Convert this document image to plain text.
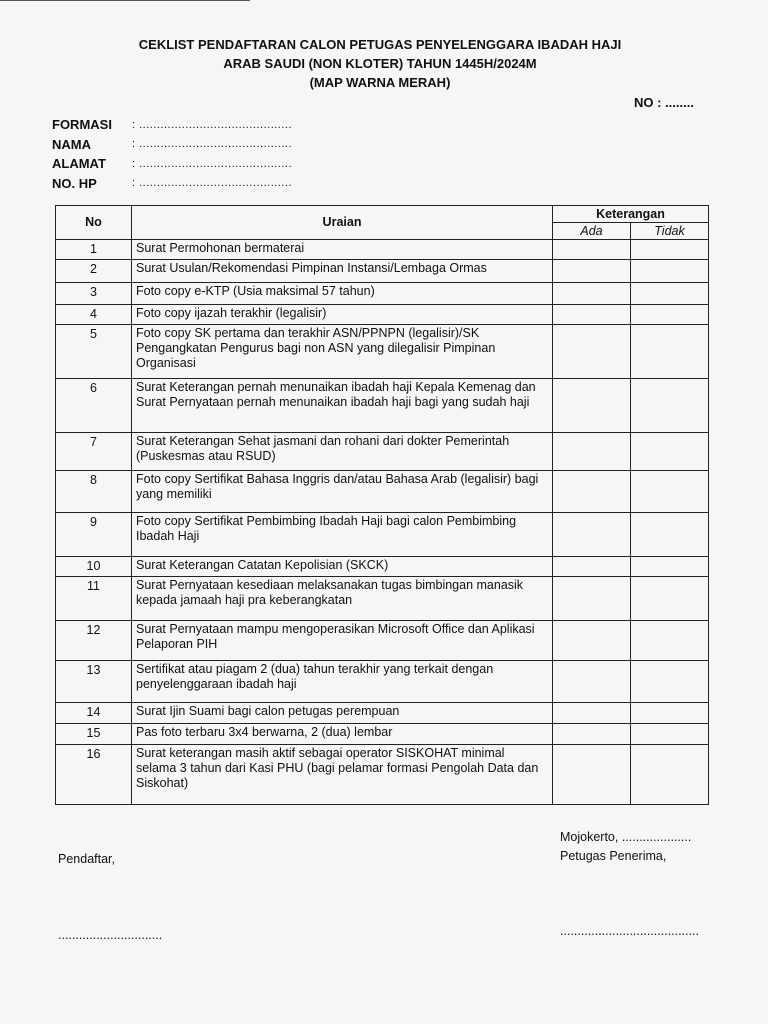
CEKLIST PENDAFTARAN CALON PETUGAS PENYELENGGARA IBADAH HAJI
ARAB SAUDI (NON KLOTER) TAHUN 1445H/2024M
(MAP WARNA MERAH)
NO : ........
FORMASI	: ...........................................
NAMA	: ...........................................
ALAMAT	: ...........................................
NO. HP	: ...........................................
No	Uraian	Keterangan	
		Ada	Tidak
1	Surat Permohonan bermaterai		
2	Surat Usulan/Rekomendasi Pimpinan Instansi/Lembaga Ormas		
3	Foto copy e-KTP (Usia maksimal 57 tahun)		
4	Foto copy ijazah terakhir (legalisir)		
5	Foto copy SK pertama dan terakhir ASN/PPNPN (legalisir)/SK Pengangkatan Pengurus bagi non ASN yang dilegalisir Pimpinan Organisasi		
6	Surat Keterangan pernah menunaikan ibadah haji Kepala Kemenag dan Surat Pernyataan pernah menunaikan ibadah haji bagi yang sudah haji		
7	Surat Keterangan Sehat jasmani dan rohani dari dokter Pemerintah (Puskesmas atau RSUD)		
8	Foto copy Sertifikat Bahasa Inggris dan/atau Bahasa Arab (legalisir) bagi yang memiliki		
9	Foto copy Sertifikat Pembimbing Ibadah Haji bagi calon Pembimbing Ibadah Haji		
10	Surat Keterangan Catatan Kepolisian (SKCK)		
11	Surat Pernyataan kesediaan melaksanakan tugas bimbingan manasik kepada jamaah haji pra keberangkatan		
12	Surat Pernyataan mampu mengoperasikan Microsoft Office dan Aplikasi Pelaporan PIH		
13	Sertifikat atau piagam 2 (dua) tahun terakhir yang terkait dengan penyelenggaraan ibadah haji		
14	Surat Ijin Suami bagi calon petugas perempuan		
15	Pas foto terbaru 3x4 berwarna, 2 (dua) lembar		
16	Surat keterangan masih aktif sebagai operator SISKOHAT minimal selama 3 tahun dari Kasi PHU (bagi pelamar formasi Pengolah Data dan Siskohat)		
Mojokerto, ....................
Pendaftar,	Petugas Penerima,
..............................	........................................
